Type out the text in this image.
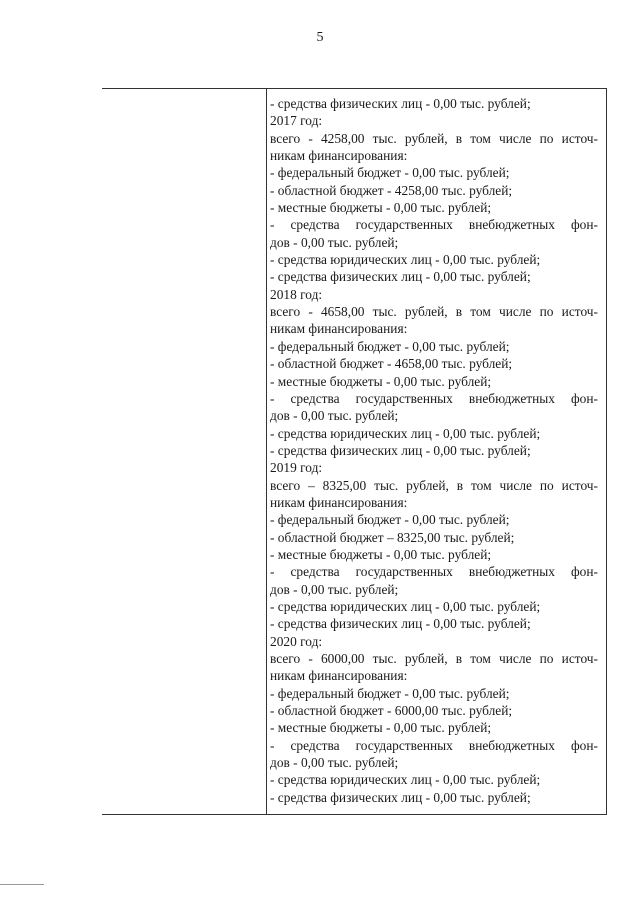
5
- средства физических лиц - 0,00 тыс. рублей;
2017 год:
всего - 4258,00 тыс. рублей, в том числе по источ-
никам финансирования:
- федеральный бюджет - 0,00 тыс. рублей;
- областной бюджет - 4258,00 тыс. рублей;
- местные бюджеты - 0,00 тыс. рублей;
- средства государственных внебюджетных фон-
дов - 0,00 тыс. рублей;
- средства юридических лиц - 0,00 тыс. рублей;
- средства физических лиц - 0,00 тыс. рублей;
2018 год:
всего - 4658,00 тыс. рублей, в том числе по источ-
никам финансирования:
- федеральный бюджет - 0,00 тыс. рублей;
- областной бюджет - 4658,00 тыс. рублей;
- местные бюджеты - 0,00 тыс. рублей;
- средства государственных внебюджетных фон-
дов - 0,00 тыс. рублей;
- средства юридических лиц - 0,00 тыс. рублей;
- средства физических лиц - 0,00 тыс. рублей;
2019 год:
всего – 8325,00 тыс. рублей, в том числе по источ-
никам финансирования:
- федеральный бюджет - 0,00 тыс. рублей;
- областной бюджет – 8325,00 тыс. рублей;
- местные бюджеты - 0,00 тыс. рублей;
- средства государственных внебюджетных фон-
дов - 0,00 тыс. рублей;
- средства юридических лиц - 0,00 тыс. рублей;
- средства физических лиц - 0,00 тыс. рублей;
2020 год:
всего - 6000,00 тыс. рублей, в том числе по источ-
никам финансирования:
- федеральный бюджет - 0,00 тыс. рублей;
- областной бюджет - 6000,00 тыс. рублей;
- местные бюджеты - 0,00 тыс. рублей;
- средства государственных внебюджетных фон-
дов - 0,00 тыс. рублей;
- средства юридических лиц - 0,00 тыс. рублей;
- средства физических лиц - 0,00 тыс. рублей;
